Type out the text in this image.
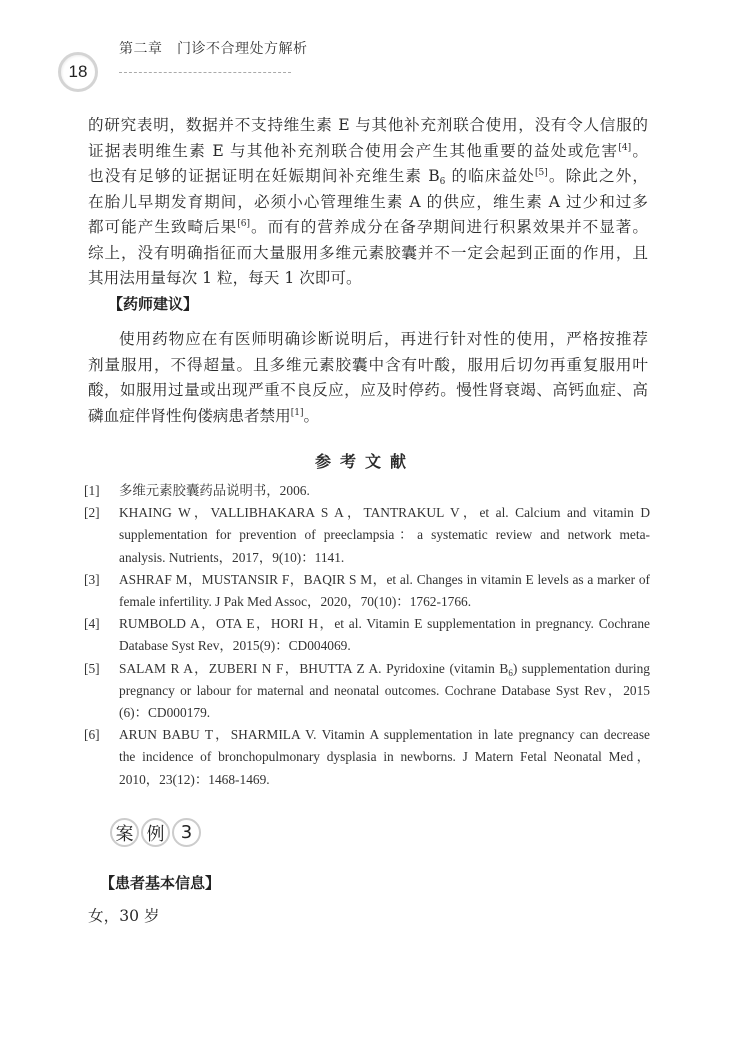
18
第二章　门诊不合理处方解析
的研究表明，数据并不支持维生素 E 与其他补充剂联合使用，没有令人信服的
证据表明维生素 E 与其他补充剂联合使用会产生其他重要的益处或危害[4]。
也没有足够的证据证明在妊娠期间补充维生素 $B_6$ 的临床益处[5]。除此之外，
在胎儿早期发育期间，必须小心管理维生素 A 的供应，维生素 A 过少和过多
都可能产生致畸后果[6]。而有的营养成分在备孕期间进行积累效果并不显著。
综上，没有明确指征而大量服用多维元素胶囊并不一定会起到正面的作用，且
其用法用量每次 1 粒，每天 1 次即可。
【药师建议】
使用药物应在有医师明确诊断说明后，再进行针对性的使用，严格按推荐
剂量服用，不得超量。且多维元素胶囊中含有叶酸，服用后切勿再重复服用叶
酸，如服用过量或出现严重不良反应，应及时停药。慢性肾衰竭、高钙血症、高
磷血症伴肾性佝偻病患者禁用[1]。
参考文献
[1] 多维元素胶囊药品说明书，2006.
[2] KHAING W，VALLIBHAKARA S A，TANTRAKUL V，et al. Calcium and vitamin D
supplementation for prevention of preeclampsia：a systematic review and network meta-
analysis. Nutrients，2017，9(10)：1141.
[3] ASHRAF M，MUSTANSIR F，BAQIR S M，et al. Changes in vitamin E levels as a marker of
female infertility. J Pak Med Assoc，2020，70(10)：1762-1766.
[4] RUMBOLD A，OTA E，HORI H，et al. Vitamin E supplementation in pregnancy. Cochrane
Database Syst Rev，2015(9)：CD004069.
[5] SALAM R A，ZUBERI N F，BHUTTA Z A. Pyridoxine (vitamin $B_6$) supplementation during
pregnancy or labour for maternal and neonatal outcomes. Cochrane Database Syst Rev，2015
(6)：CD000179.
[6] ARUN BABU T，SHARMILA V. Vitamin A supplementation in late pregnancy can decrease
the incidence of bronchopulmonary dysplasia in newborns. J Matern Fetal Neonatal Med，
2010，23(12)：1468-1469.
案 例 3
【患者基本信息】
女，30 岁
